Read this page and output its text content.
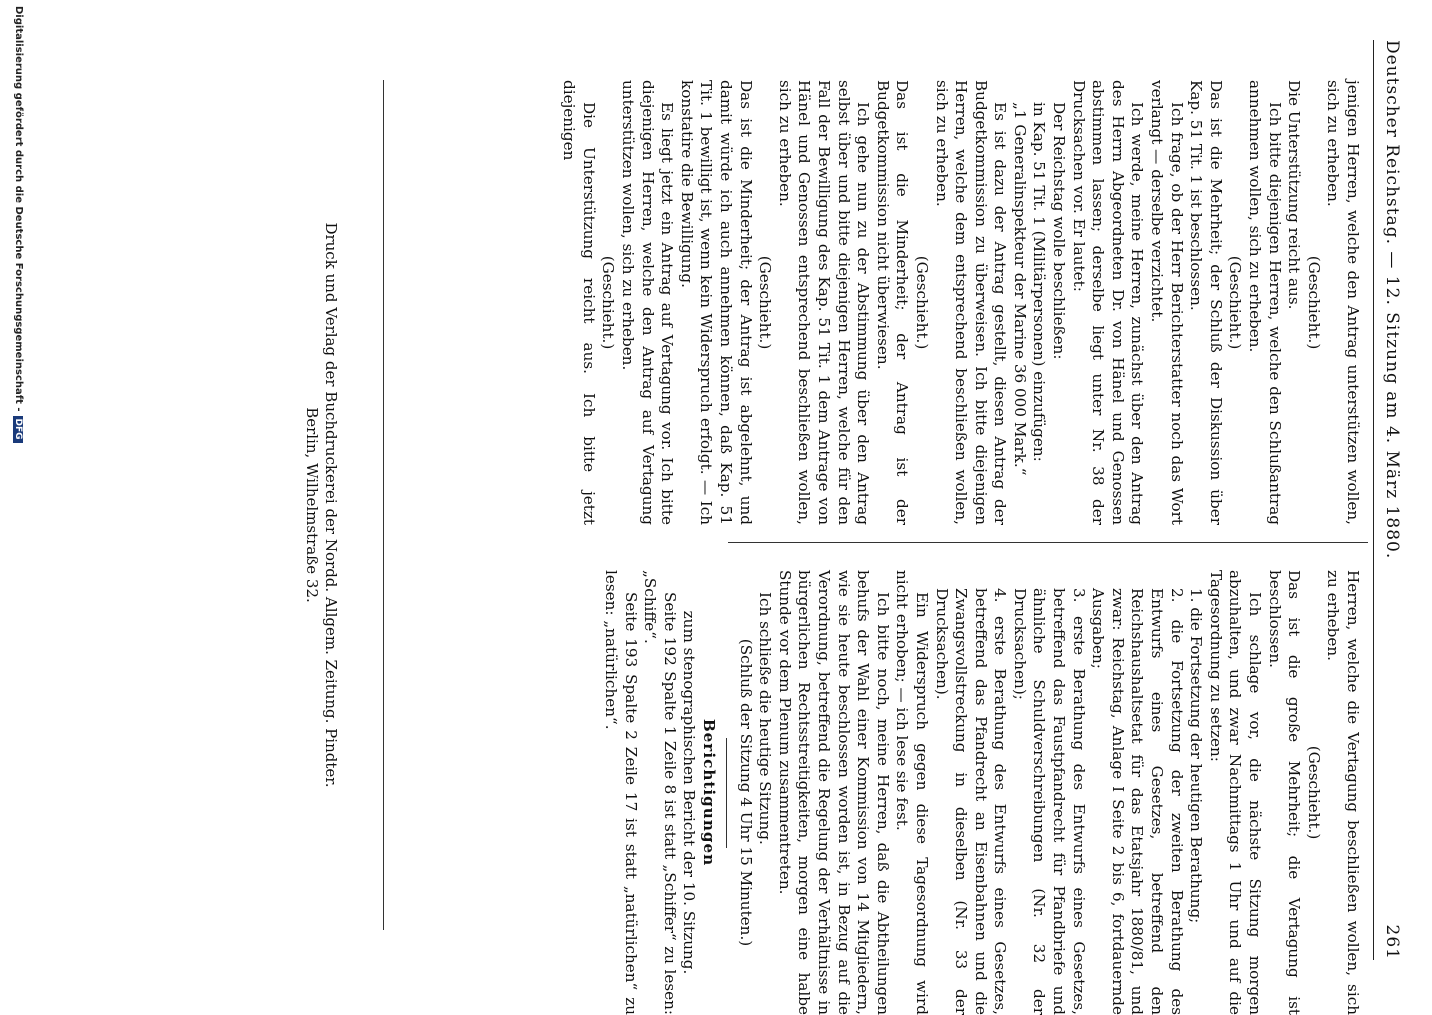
Deutscher Reichstag. — 12. Sitzung am 4. März 1880.
261

jenigen Herren, welche den Antrag unterstützen wollen, sich zu erheben.

(Geschieht.)

Die Unterstützung reicht aus.

Ich bitte diejenigen Herren, welche den Schlußantrag annehmen wollen, sich zu erheben.

(Geschieht.)

Das ist die Mehrheit; der Schluß der Diskussion über Kap. 51 Tit. 1 ist beschlossen.

Ich frage, ob der Herr Berichterstatter noch das Wort verlangt — derselbe verzichtet.

Ich werde, meine Herren, zunächst über den Antrag des Herrn Abgeordneten Dr. von Hänel und Genossen abstimmen lassen; derselbe liegt unter Nr. 38 der Drucksachen vor. Er lautet:

Der Reichstag wolle beschließen:

in Kap. 51 Tit. 1 (Militärpersonen) einzufügen:

„1 Generalinspekteur der Marine 36 000 Mark.“

Es ist dazu der Antrag gestellt, diesen Antrag der Budgetkommission zu überweisen. Ich bitte diejenigen Herren, welche dem entsprechend beschließen wollen, sich zu erheben.

(Geschieht.)

Das ist die Minderheit; der Antrag ist der Budgetkommission nicht überwiesen.

Ich gehe nun zu der Abstimmung über den Antrag selbst über und bitte diejenigen Herren, welche für den Fall der Bewilligung des Kap. 51 Tit. 1 dem Antrage von Hänel und Genossen entsprechend beschließen wollen, sich zu erheben.

(Geschieht.)

Das ist die Minderheit; der Antrag ist abgelehnt, und damit würde ich auch annehmen können, daß Kap. 51 Tit. 1 bewilligt ist, wenn kein Widerspruch erfolgt. — Ich konstatire die Bewilligung.

Es liegt jetzt ein Antrag auf Vertagung vor. Ich bitte diejenigen Herren, welche den Antrag auf Vertagung unterstützen wollen, sich zu erheben.

(Geschieht.)

Die Unterstützung reicht aus. Ich bitte jetzt diejenigen

Herren, welche die Vertagung beschließen wollen, sich zu erheben.

(Geschieht.)

Das ist die große Mehrheit; die Vertagung ist beschlossen.

Ich schlage vor, die nächste Sitzung morgen abzuhalten, und zwar Nachmittags 1 Uhr und auf die Tagesordnung zu setzen:

1. die Fortsetzung der heutigen Berathung;

2. die Fortsetzung der zweiten Berathung des Entwurfs eines Gesetzes, betreffend den Reichshaushaltsetat für das Etatsjahr 1880/81, und zwar: Reichstag, Anlage I Seite 2 bis 6, fortdauernde Ausgaben;

3. erste Berathung des Entwurfs eines Gesetzes, betreffend das Faustpfandrecht für Pfandbriefe und ähnliche Schuldverschreibungen (Nr. 32 der Drucksachen);

4. erste Berathung des Entwurfs eines Gesetzes, betreffend das Pfandrecht an Eisenbahnen und die Zwangsvollstreckung in dieselben (Nr. 33 der Drucksachen).

Ein Widerspruch gegen diese Tagesordnung wird nicht erhoben; — ich lese sie fest.

Ich bitte noch, meine Herren, daß die Abtheilungen behufs der Wahl einer Kommission von 14 Mitgliedern, wie sie heute beschlossen worden ist, in Bezug auf die Verordnung, betreffend die Regelung der Verhältnisse in bürgerlichen Rechtsstreitigkeiten, morgen eine halbe Stunde vor dem Plenum zusammentreten.

Ich schließe die heutige Sitzung.

(Schluß der Sitzung 4 Uhr 15 Minuten.)

Berichtigungen

zum stenographischen Bericht der 10. Sitzung.

Seite 192 Spalte 1 Zeile 8 ist statt „Schiffer“ zu lesen: „Schiffe“.

Seite 193 Spalte 2 Zeile 17 ist statt „natürlichen“ zu lesen: „natürlichen“.

Druck und Verlag der Buchdruckerei der Nordd. Allgem. Zeitung. Pindter.
Berlin, Wilhelmstraße 32.
Digitalisierung gefördert durch die Deutsche Forschungsgemeinschaft -DFG
